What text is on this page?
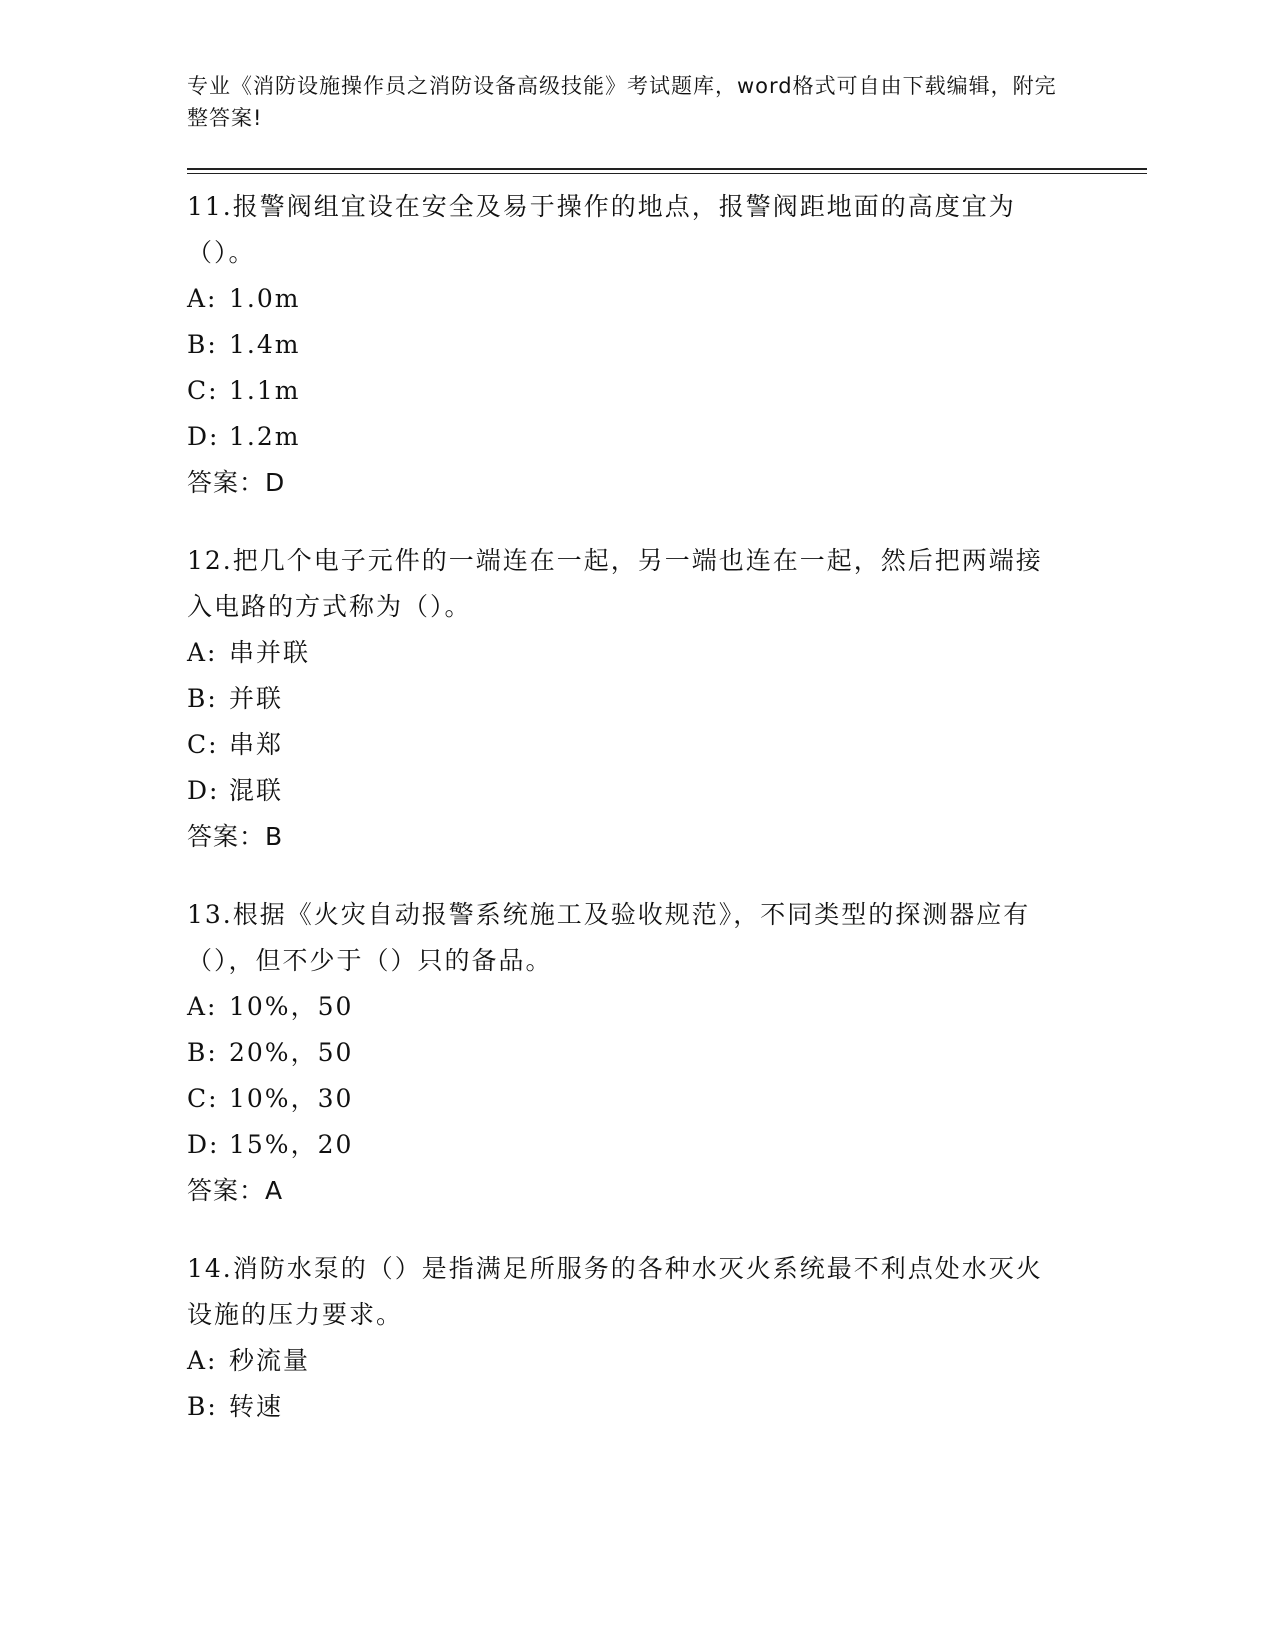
专业《消防设施操作员之消防设备高级技能》考试题库，word格式可自由下载编辑，附完整答案!
11.报警阀组宜设在安全及易于操作的地点，报警阀距地面的高度宜为（）。
A: 1.0m
B: 1.4m
C: 1.1m
D: 1.2m
答案：D
12.把几个电子元件的一端连在一起，另一端也连在一起，然后把两端接入电路的方式称为（）。
A: 串并联
B: 并联
C: 串郑
D: 混联
答案：B
13.根据《火灾自动报警系统施工及验收规范》，不同类型的探测器应有（），但不少于（）只的备品。
A: 10%，50
B: 20%，50
C: 10%，30
D: 15%，20
答案：A
14.消防水泵的（）是指满足所服务的各种水灭火系统最不利点处水灭火设施的压力要求。
A: 秒流量
B: 转速
